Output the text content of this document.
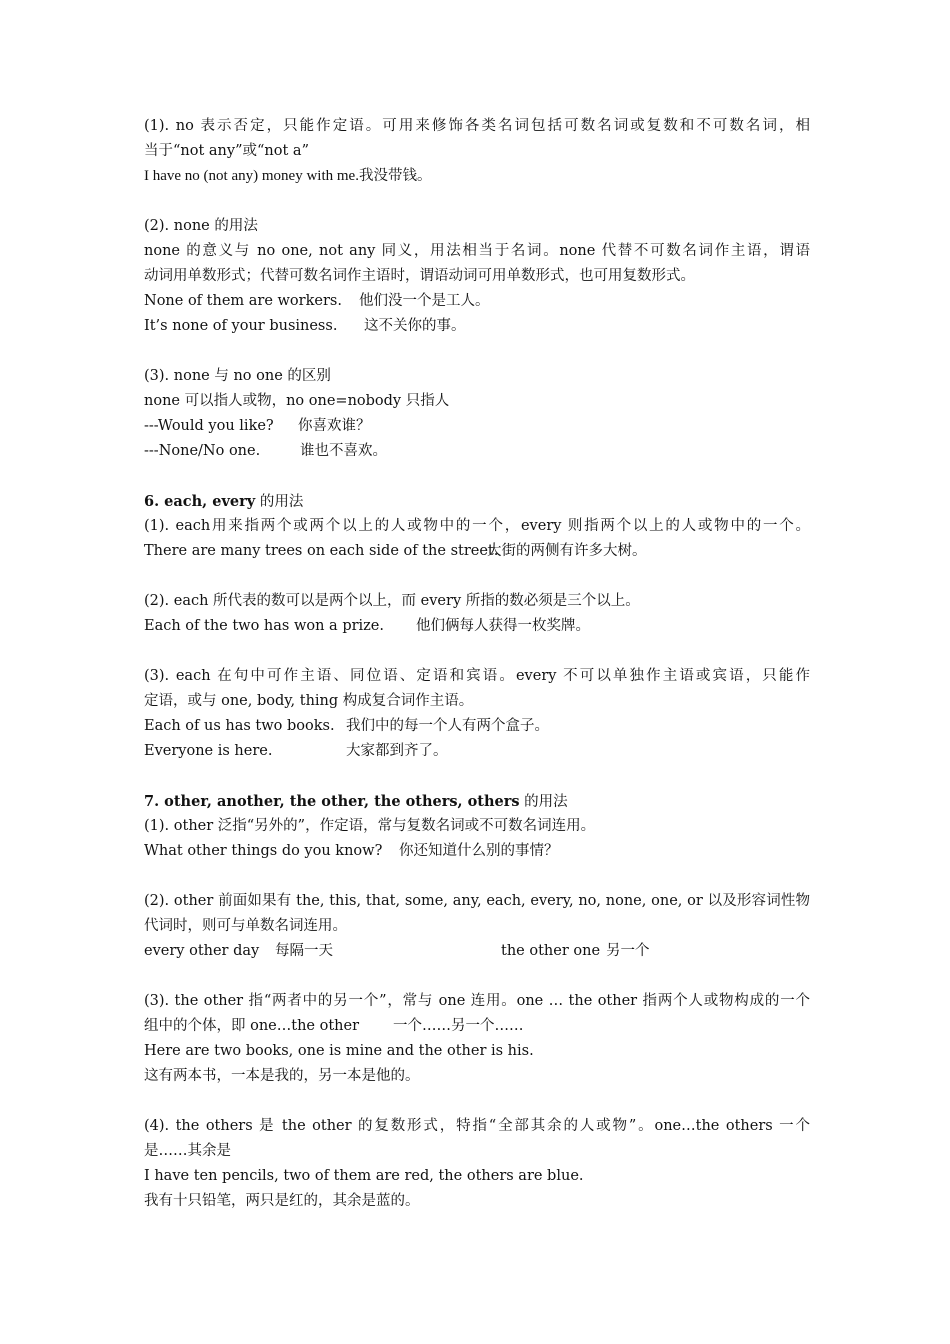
(1). no 表示否定，只能作定语。可用来修饰各类名词包括可数名词或复数和不可数名词，相
当于“not any”或“not a”
I have no (not any) money with me.我没带钱。
(2). none 的用法
none 的意义与 no one, not any 同义，用法相当于名词。none 代替不可数名词作主语，谓语
动词用单数形式；代替可数名词作主语时，谓语动词可用单数形式，也可用复数形式。
None of them are workers. 他们没一个是工人。
It’s none of your business. 这不关你的事。
(3). none 与 no one 的区别
none 可以指人或物，no one=nobody 只指人
---Would you like? 你喜欢谁？
---None/No one.	谁也不喜欢。
6. each, every 的用法
(1). each用来指两个或两个以上的人或物中的一个，every 则指两个以上的人或物中的一个。
There are many trees on each side of the street.大街的两侧有许多大树。
(2). each 所代表的数可以是两个以上，而 every 所指的数必须是三个以上。
Each of the two has won a prize. 他们俩每人获得一枚奖牌。
(3). each 在句中可作主语、同位语、定语和宾语。every 不可以单独作主语或宾语，只能作
定语，或与 one, body, thing 构成复合词作主语。
Each of us has two books. 我们中的每一个人有两个盒子。
Everyone is here.	大家都到齐了。
7. other, another, the other, the others, others 的用法
(1). other 泛指“另外的”，作定语，常与复数名词或不可数名词连用。
What other things do you know? 你还知道什么别的事情？
(2). other 前面如果有 the, this, that, some, any, each, every, no, none, one, or 以及形容词性物
代词时，则可与单数名词连用。
every other day 每隔一天	the other one 另一个
(3). the other 指“两者中的另一个”，常与 one 连用。one … the other 指两个人或物构成的一个
组中的个体，即 one…the other 一个……另一个……
Here are two books, one is mine and the other is his.
这有两本书，一本是我的，另一本是他的。
(4). the others 是 the other 的复数形式，特指“全部其余的人或物”。one…the others 一个
是……其余是
I have ten pencils, two of them are red, the others are blue.
我有十只铅笔，两只是红的，其余是蓝的。
